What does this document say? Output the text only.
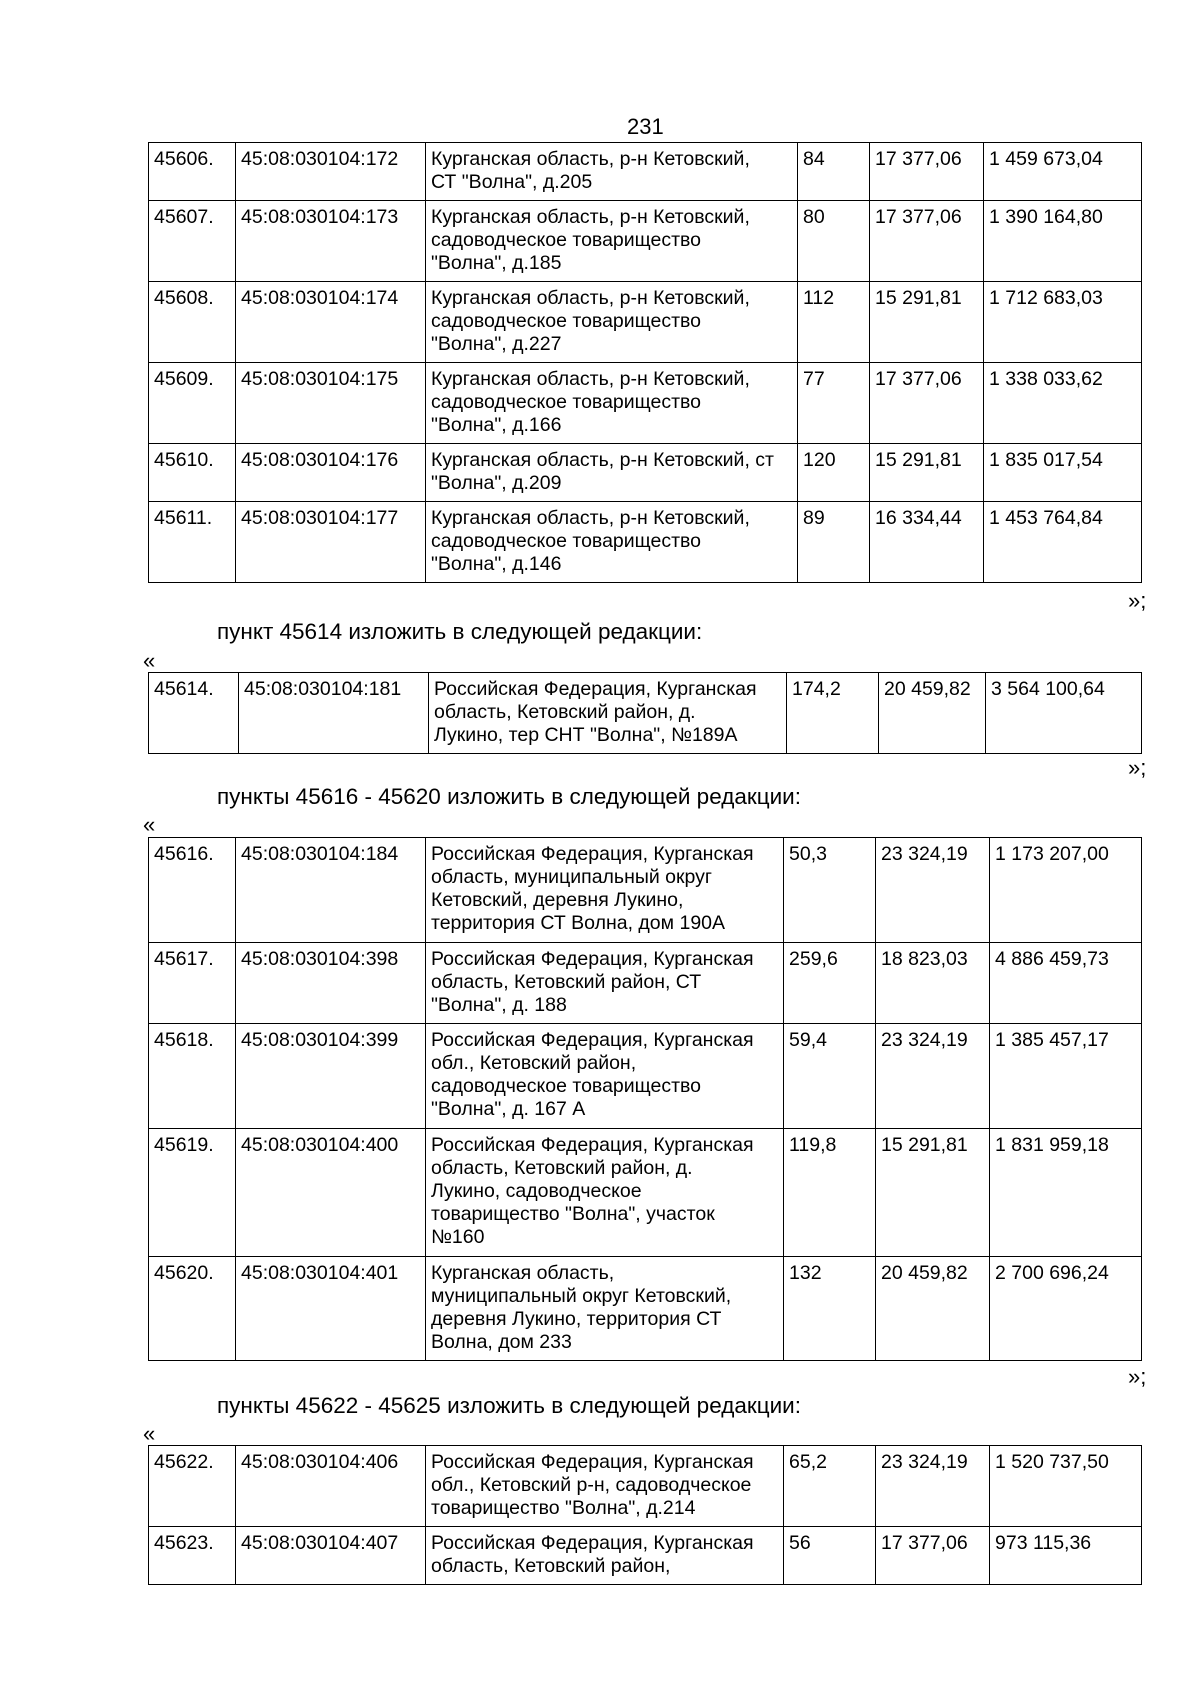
231
45606.	45:08:030104:172	Курганская область, р-н Кетовский,
СТ "Волна", д.205	84	17 377,06	1 459 673,04
45607.	45:08:030104:173	Курганская область, р-н Кетовский,
садоводческое товарищество
"Волна", д.185	80	17 377,06	1 390 164,80
45608.	45:08:030104:174	Курганская область, р-н Кетовский,
садоводческое товарищество
"Волна", д.227	112	15 291,81	1 712 683,03
45609.	45:08:030104:175	Курганская область, р-н Кетовский,
садоводческое товарищество
"Волна", д.166	77	17 377,06	1 338 033,62
45610.	45:08:030104:176	Курганская область, р-н Кетовский, ст
"Волна", д.209	120	15 291,81	1 835 017,54
45611.	45:08:030104:177	Курганская область, р-н Кетовский,
садоводческое товарищество
"Волна", д.146	89	16 334,44	1 453 764,84
»;
пункт 45614 изложить в следующей редакции:
«
45614.	45:08:030104:181	Российская Федерация, Курганская
область, Кетовский район, д.
Лукино, тер СНТ "Волна", №189А	174,2	20 459,82	3 564 100,64
»;
пункты 45616 - 45620 изложить в следующей редакции:
«
45616.	45:08:030104:184	Российская Федерация, Курганская
область, муниципальный округ
Кетовский, деревня Лукино,
территория СТ Волна, дом 190А	50,3	23 324,19	1 173 207,00
45617.	45:08:030104:398	Российская Федерация, Курганская
область, Кетовский район, СТ
"Волна", д. 188	259,6	18 823,03	4 886 459,73
45618.	45:08:030104:399	Российская Федерация, Курганская
обл., Кетовский район,
садоводческое товарищество
"Волна", д. 167 А	59,4	23 324,19	1 385 457,17
45619.	45:08:030104:400	Российская Федерация, Курганская
область, Кетовский район, д.
Лукино, садоводческое
товарищество "Волна", участок
№160	119,8	15 291,81	1 831 959,18
45620.	45:08:030104:401	Курганская область,
муниципальный округ Кетовский,
деревня Лукино, территория СТ
Волна, дом 233	132	20 459,82	2 700 696,24
»;
пункты 45622 - 45625 изложить в следующей редакции:
«
45622.	45:08:030104:406	Российская Федерация, Курганская
обл., Кетовский р-н, садоводческое
товарищество "Волна", д.214	65,2	23 324,19	1 520 737,50
45623.	45:08:030104:407	Российская Федерация, Курганская
область, Кетовский район,	56	17 377,06	973 115,36
